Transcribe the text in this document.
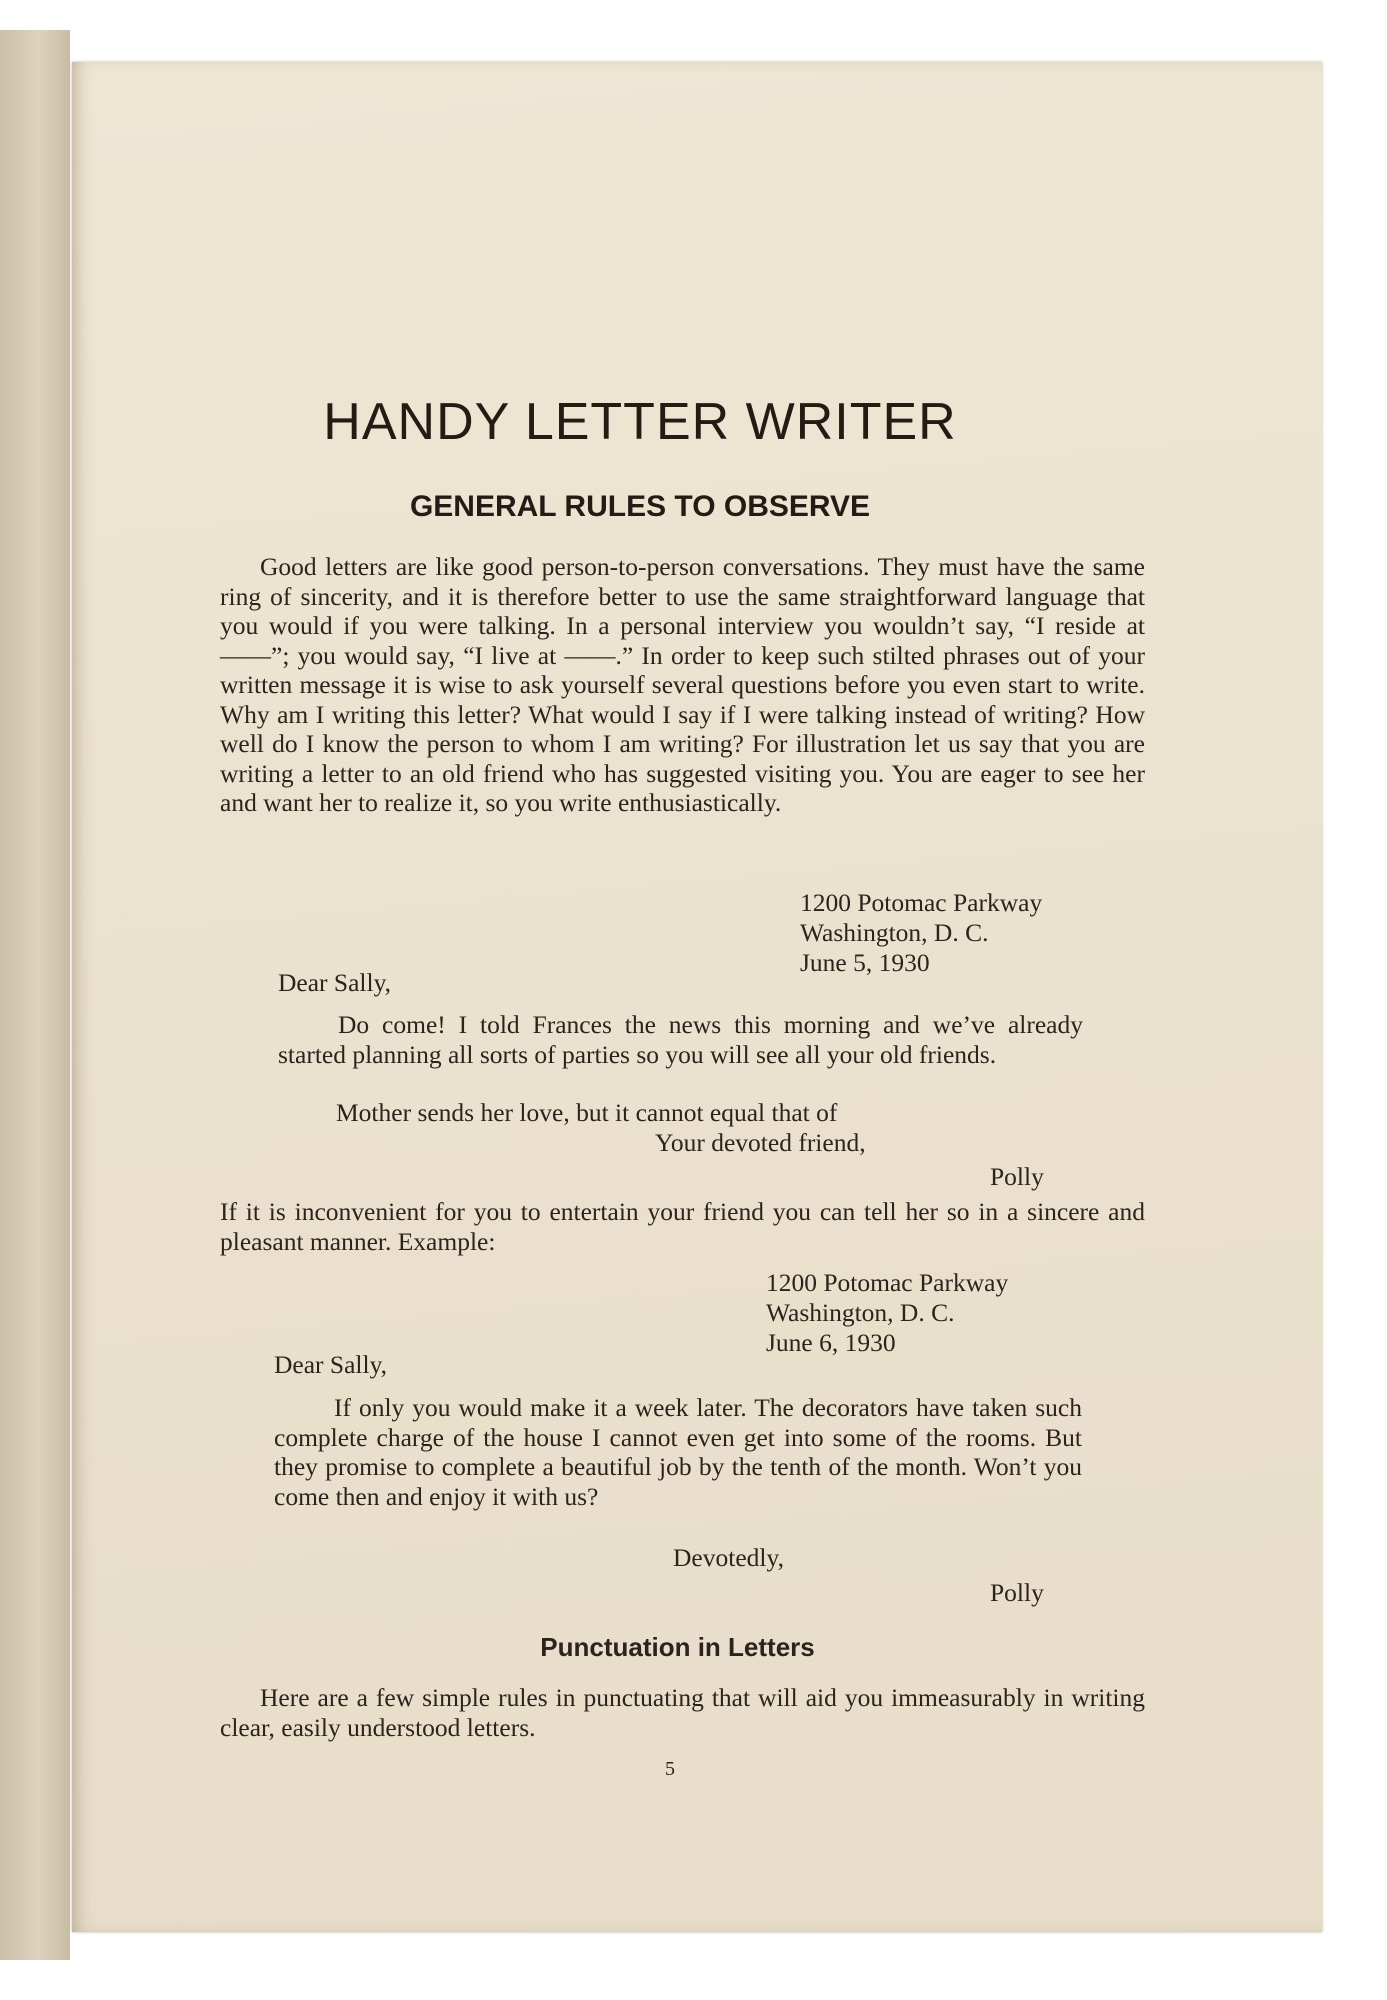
HANDY LETTER WRITER
GENERAL RULES TO OBSERVE

Good letters are like good person-to-person conversations. They must have the same ring of sincerity, and it is therefore better to use the same straightforward language that you would if you were talking. In a personal interview you wouldn’t say, “I reside at ——”; you would say, “I live at ——.” In order to keep such stilted phrases out of your written message it is wise to ask yourself several questions before you even start to write. Why am I writing this letter? What would I say if I were talking instead of writing? How well do I know the person to whom I am writing? For illustration let us say that you are writing a letter to an old friend who has suggested visiting you. You are eager to see her and want her to realize it, so you write enthusiastically.

1200 Potomac Parkway
Washington, D. C.
June 5, 1930

Dear Sally,

Do come! I told Frances the news this morning and we’ve already started planning all sorts of parties so you will see all your old friends.

Mother sends her love, but it cannot equal that of

Your devoted friend,

Polly

If it is inconvenient for you to entertain your friend you can tell her so in a sincere and pleasant manner. Example:

1200 Potomac Parkway
Washington, D. C.
June 6, 1930

Dear Sally,

If only you would make it a week later. The decorators have taken such complete charge of the house I cannot even get into some of the rooms. But they promise to complete a beautiful job by the tenth of the month. Won’t you come then and enjoy it with us?

Devotedly,

Polly

Punctuation in Letters

Here are a few simple rules in punctuating that will aid you immeasurably in writing clear, easily understood letters.

5
